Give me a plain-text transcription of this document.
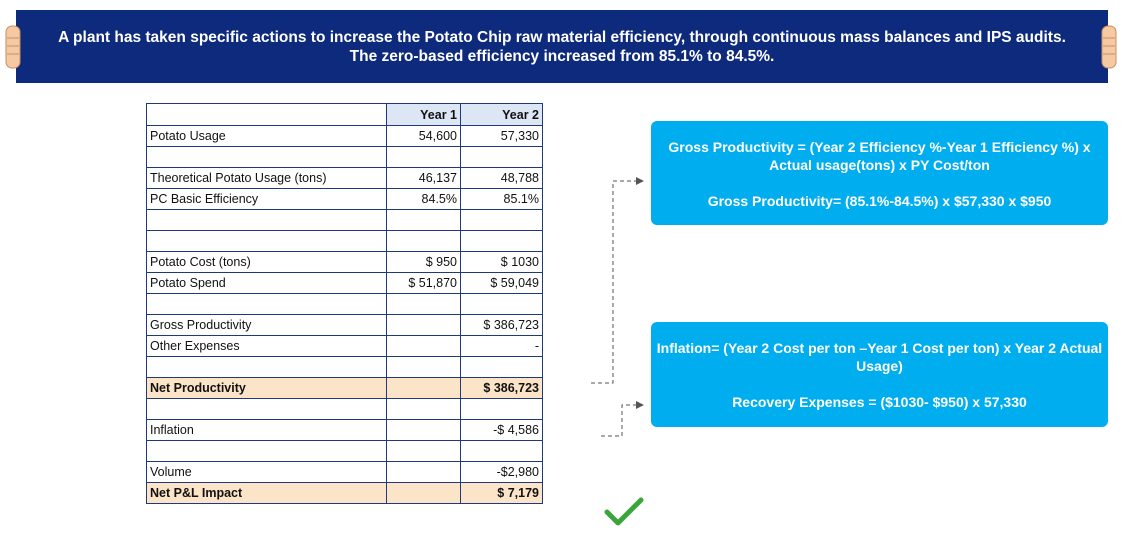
A plant has taken specific actions to increase the Potato Chip raw material efficiency, through continuous mass balances and IPS audits.
The zero-based efficiency increased from 85.1% to 84.5%.
	Year 1	Year 2
Potato Usage	54,600	57,330

Theoretical Potato Usage (tons)	46,137	48,788
PC Basic Efficiency	84.5%	85.1%

Potato Cost (tons)	$ 950	$ 1030
Potato Spend	$ 51,870	$ 59,049

Gross Productivity		$ 386,723
Other Expenses		-

Net Productivity		$ 386,723

Inflation		-$ 4,586

Volume		-$2,980
Net P&L Impact		$ 7,179

Gross Productivity = (Year 2 Efficiency %-Year 1 Efficiency %) x Actual usage(tons) x PY Cost/ton

Gross Productivity= (85.1%-84.5%) x $57,330 x $950

Inflation= (Year 2 Cost per ton –Year 1 Cost per ton) x Year 2 Actual Usage)

Recovery Expenses = ($1030- $950) x 57,330
